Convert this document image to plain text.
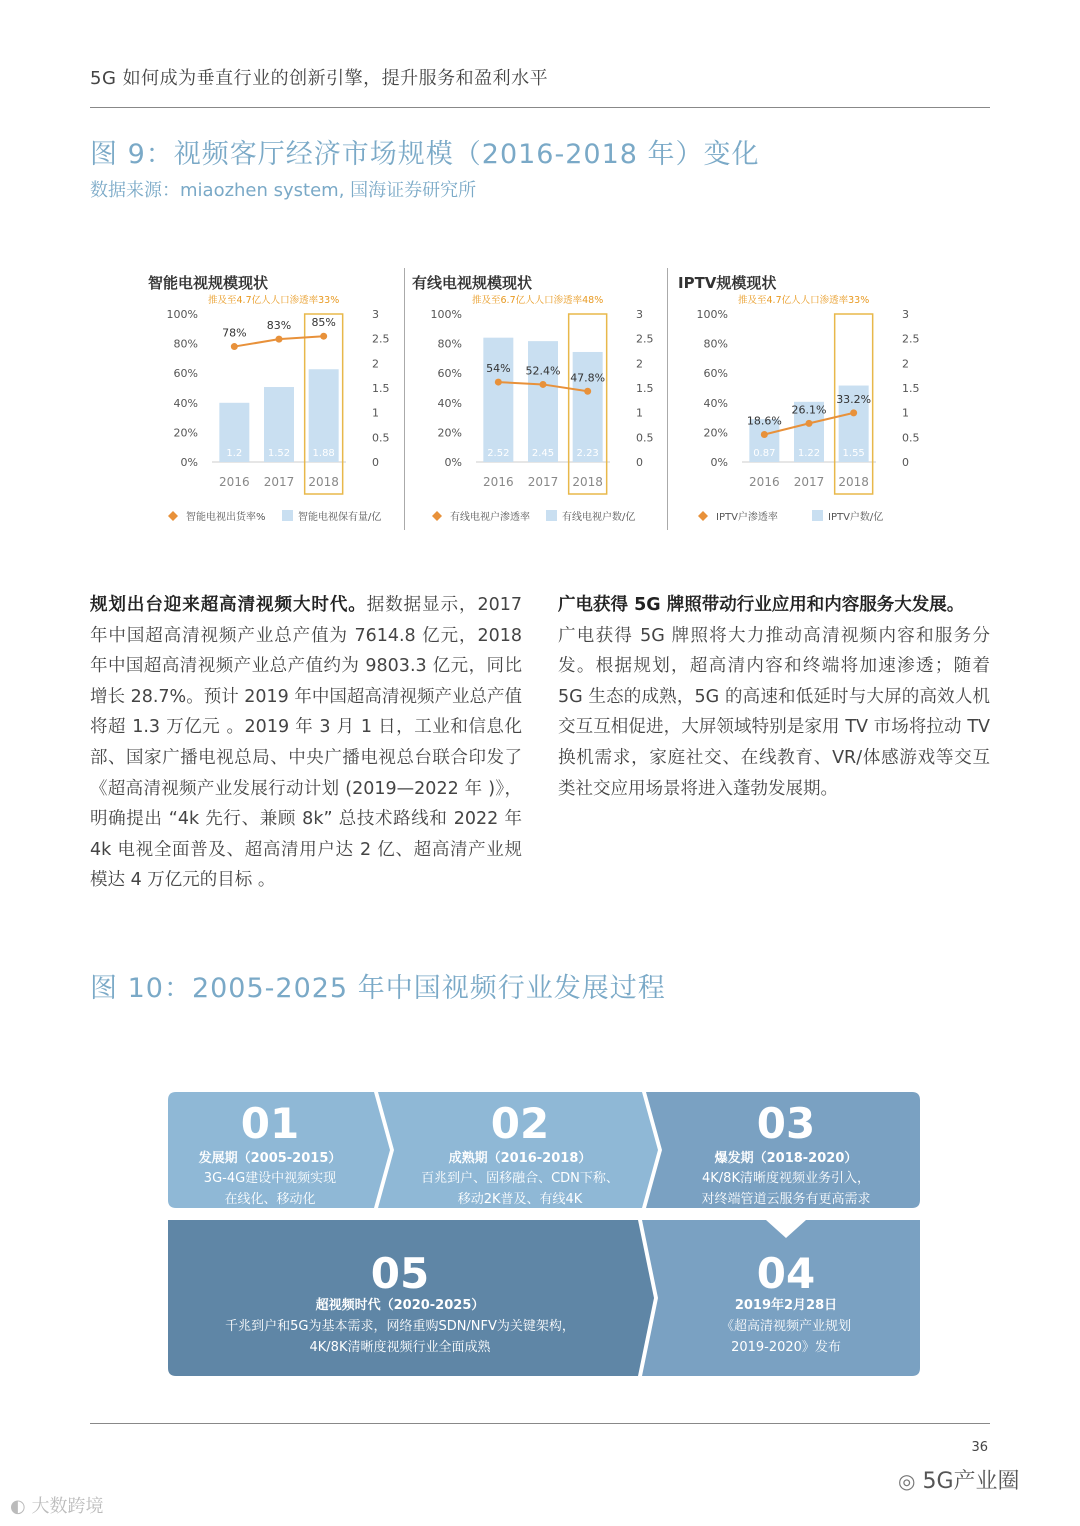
5G 如何成为垂直行业的创新引擎，提升服务和盈利水平
图 9：视频客厅经济市场规模（2016-2018 年）变化
数据来源：miaozhen system, 国海证券研究所
智能电视规模现状
推及至4.7亿人人口渗透率33%
100%
80%
60%
40%
20%
0%
3
2.5
2
1.5
1
0.5
0
1.2
2016
1.52
2017
1.88
2018
78%
83% 85%
智能电视出货率%	智能电视保有量/亿
有线电视规模现状
推及至6.7亿人人口渗透率48%
100%
80%
60%
40%
20%
0%
3
2.5
2
1.5
1
0.5
0
2.52
2016
2.45
2017
2.23
2018
54% 52.4%
47.8%
有线电视户渗透率	有线电视户数/亿
IPTV规模现状
推及至4.7亿人人口渗透率33%
100%
80%
60%
40%
20%
0%
3
2.5
2
1.5
1
0.5
0
0.87
2016
1.22
2017
1.55
2018
18.6%
26.1%
33.2%
IPTV户渗透率	IPTV户数/亿
规划出台迎来超高清视频大时代。据数据显示，2017 年中国超高清视频产业总产值为 7614.8 亿元，2018 年中国超高清视频产业总产值约为 9803.3 亿元，同比增长 28.7%。预计 2019 年中国超高清视频产业总产值将超 1.3 万亿元 。2019 年 3 月 1 日，工业和信息化部、国家广播电视总局、中央广播电视总台联合印发了《超高清视频产业发展行动计划 (2019—2022 年 )》，明确提出 “4k 先行、兼顾 8k” 总技术路线和 2022 年 4k 电视全面普及、超高清用户达 2 亿、超高清产业规模达 4 万亿元的目标 。
广电获得 5G 牌照带动行业应用和内容服务大发展。
广电获得 5G 牌照将大力推动高清视频内容和服务分发。根据规划，超高清内容和终端将加速渗透；随着 5G 生态的成熟，5G 的高速和低延时与大屏的高效人机交互互相促进，大屏领域特别是家用 TV 市场将拉动 TV换机需求，家庭社交、在线教育、VR/体感游戏等交互类社交应用场景将进入蓬勃发展期。
图 10：2005-2025 年中国视频行业发展过程
01
发展期（2005-2015）
3G-4G建设中视频实现
在线化、移动化
02
成熟期（2016-2018）
百兆到户、固移融合、CDN下称、
移动2K普及、有线4K
03
爆发期（2018-2020）
4K/8K清晰度视频业务引入，
对终端管道云服务有更高需求
04
2019年2月28日
《超高清视频产业规划
2019-2020》发布
05
超视频时代（2020-2025）
千兆到户和5G为基本需求，网络重购SDN/NFV为关键架构，
4K/8K清晰度视频行业全面成熟
36
◎ 5G产业圈
◐ 大数跨境
